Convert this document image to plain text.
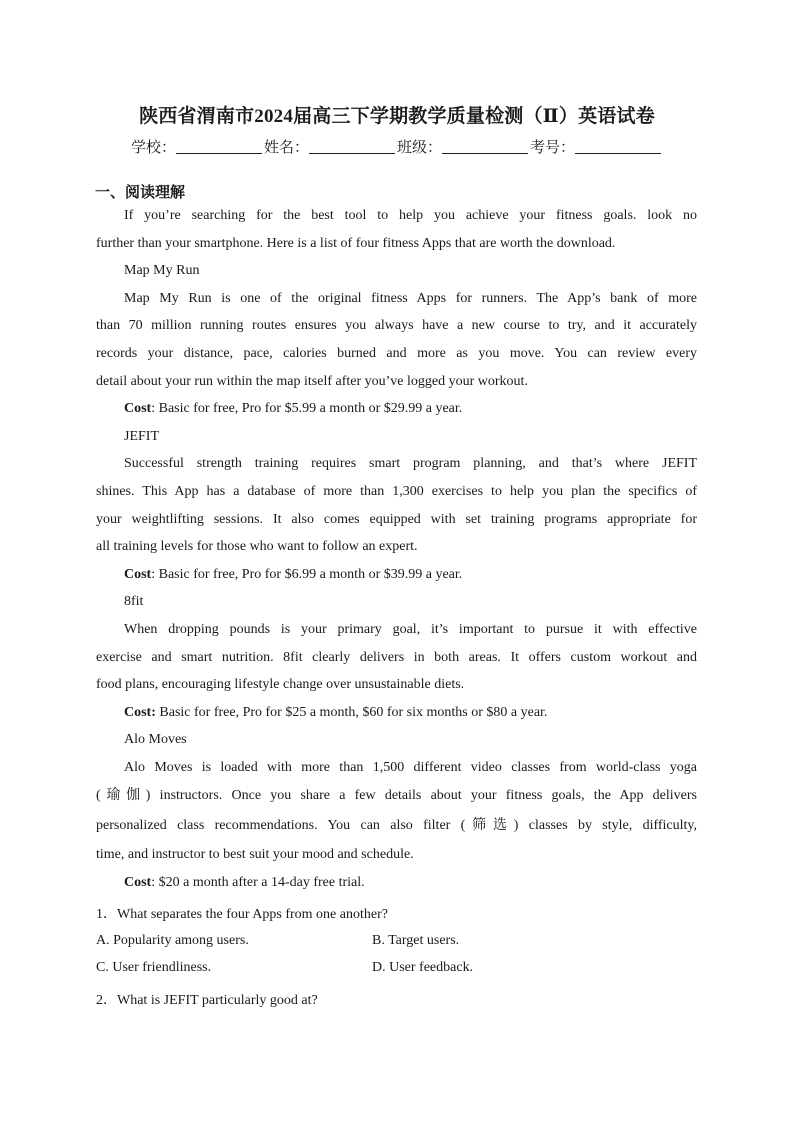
陕西省渭南市2024届高三下学期教学质量检测（Ⅱ）英语试卷
学校：	姓名：	班级：	考号：
一、阅读理解
If you’re searching for the best tool to help you achieve your fitness goals. look no
further than your smartphone. Here is a list of four fitness Apps that are worth the download.
Map My Run
Map My Run is one of the original fitness Apps for runners. The App’s bank of more
than 70 million running routes ensures you always have a new course to try, and it accurately
records your distance, pace, calories burned and more as you move. You can review every
detail about your run within the map itself after you’ve logged your workout.
Cost: Basic for free, Pro for $5.99 a month or $29.99 a year.
JEFIT
Successful strength training requires smart program planning, and that’s where JEFIT
shines. This App has a database of more than 1,300 exercises to help you plan the specifics of
your weightlifting sessions. It also comes equipped with set training programs appropriate for
all training levels for those who want to follow an expert.
Cost: Basic for free, Pro for $6.99 a month or $39.99 a year.
8fit
When dropping pounds is your primary goal, it’s important to pursue it with effective
exercise and smart nutrition. 8fit clearly delivers in both areas. It offers custom workout and
food plans, encouraging lifestyle change over unsustainable diets.
Cost: Basic for free, Pro for $25 a month, $60 for six months or $80 a year.
Alo Moves
Alo Moves is loaded with more than 1,500 different video classes from world-class yoga
(瑜伽) instructors. Once you share a few details about your fitness goals, the App delivers
personalized class recommendations. You can also filter (筛选) classes by style, difficulty,
time, and instructor to best suit your mood and schedule.
Cost: $20 a month after a 14-day free trial.
1．What separates the four Apps from one another?
A. Popularity among users.	B. Target users.
C. User friendliness.	D. User feedback.
2．What is JEFIT particularly good at?
